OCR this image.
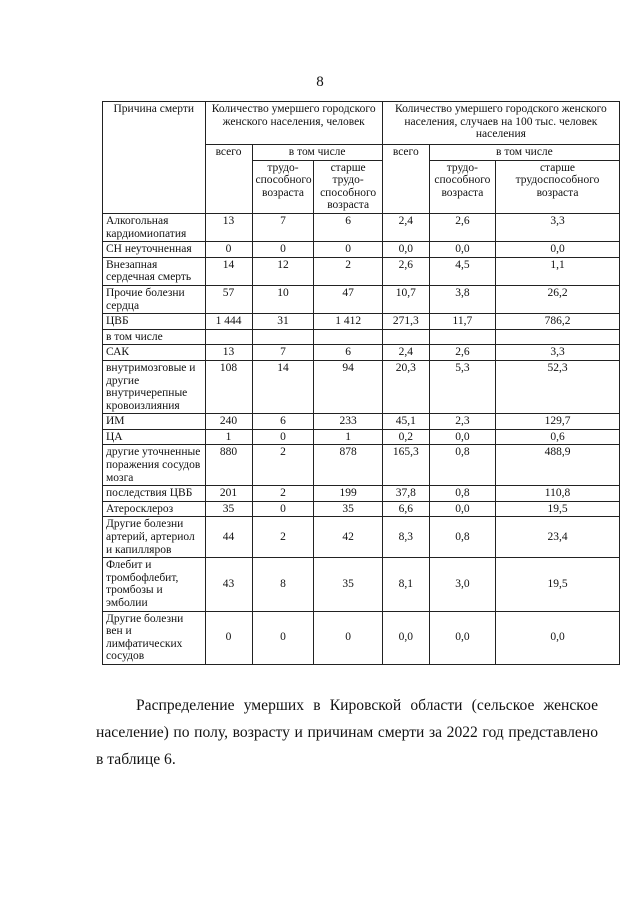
8
Причина смерти	Количество умершего городского женского населения, человек			Количество умершего городского женского населения, случаев на 100 тыс. человек населения		
	всего	в том числе		всего	в том числе	
		трудо-способного возраста	старше трудо-способного возраста		трудо-способного возраста	старше трудоспособного возраста
Алкогольная кардиомиопатия	13	7	6	2,4	2,6	3,3
СН неуточненная	0	0	0	0,0	0,0	0,0
Внезапная сердечная смерть	14	12	2	2,6	4,5	1,1
Прочие болезни сердца	57	10	47	10,7	3,8	26,2
ЦВБ	1 444	31	1 412	271,3	11,7	786,2
в том числе						
САК	13	7	6	2,4	2,6	3,3
внутримозговые и другие внутричерепные кровоизлияния	108	14	94	20,3	5,3	52,3
ИМ	240	6	233	45,1	2,3	129,7
ЦА	1	0	1	0,2	0,0	0,6
другие уточненные поражения сосудов мозга	880	2	878	165,3	0,8	488,9
последствия ЦВБ	201	2	199	37,8	0,8	110,8
Атеросклероз	35	0	35	6,6	0,0	19,5
Другие болезни артерий, артериол и капилляров	44	2	42	8,3	0,8	23,4
Флебит и тромбофлебит, тромбозы и эмболии	43	8	35	8,1	3,0	19,5
Другие болезни вен и лимфатических сосудов	0	0	0	0,0	0,0	0,0
Распределение умерших в Кировской области (сельское женское население) по полу, возрасту и причинам смерти за 2022 год представлено в таблице 6.
